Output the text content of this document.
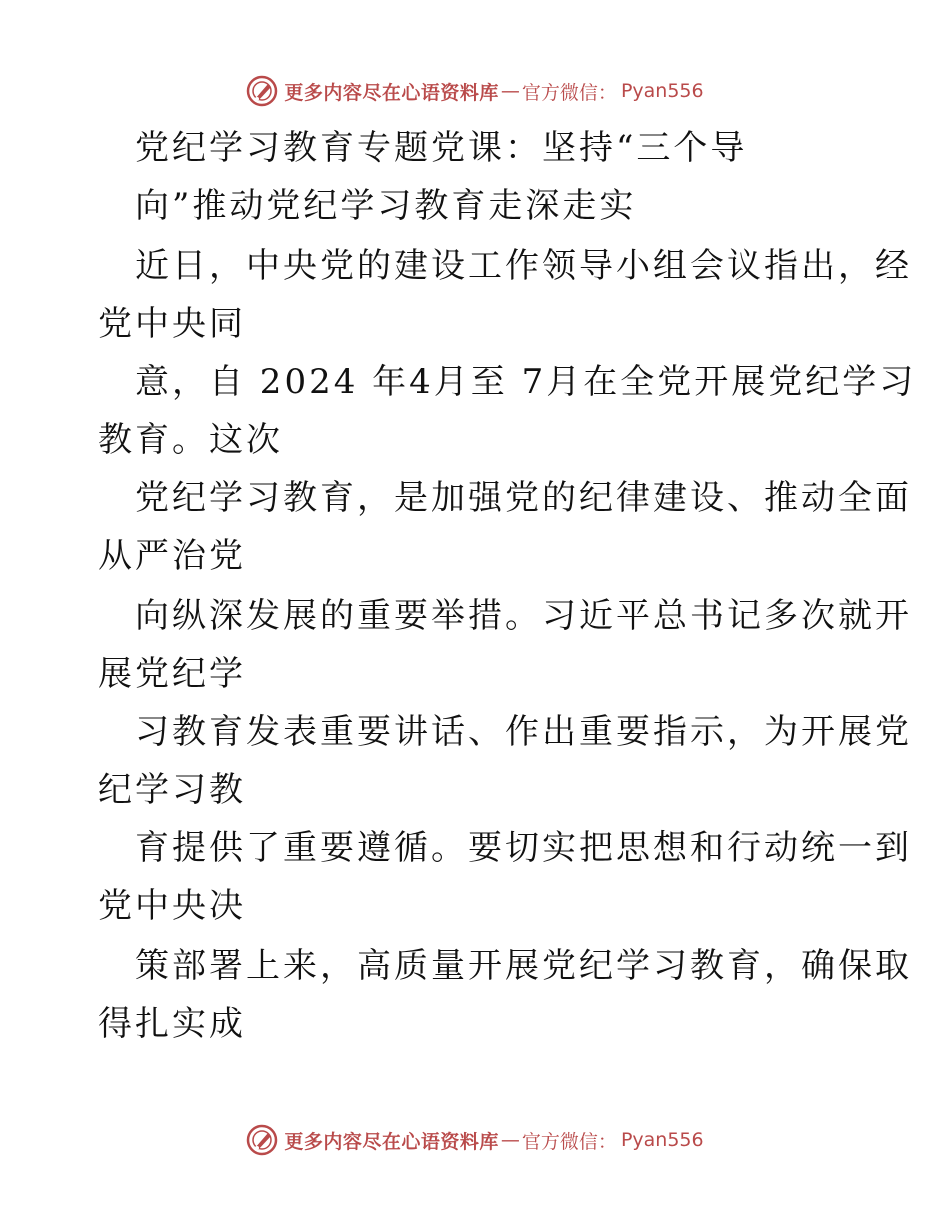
更多内容尽在心语资料库 — 官方微信 ： Pyan556
党纪学习教育专题党课：坚持“三个导
向”推动党纪学习教育走深走实
近日，中央党的建设工作领导小组会议指出，经
党中央同
意，自 2024 年4月至 7月在全党开展党纪学习
教育。这次
党纪学习教育，是加强党的纪律建设、推动全面
从严治党
向纵深发展的重要举措。习近平总书记多次就开
展党纪学
习教育发表重要讲话、作出重要指示，为开展党
纪学习教
育提供了重要遵循。要切实把思想和行动统一到
党中央决
策部署上来，高质量开展党纪学习教育，确保取
得扎实成
更多内容尽在心语资料库 — 官方微信 ： Pyan556
